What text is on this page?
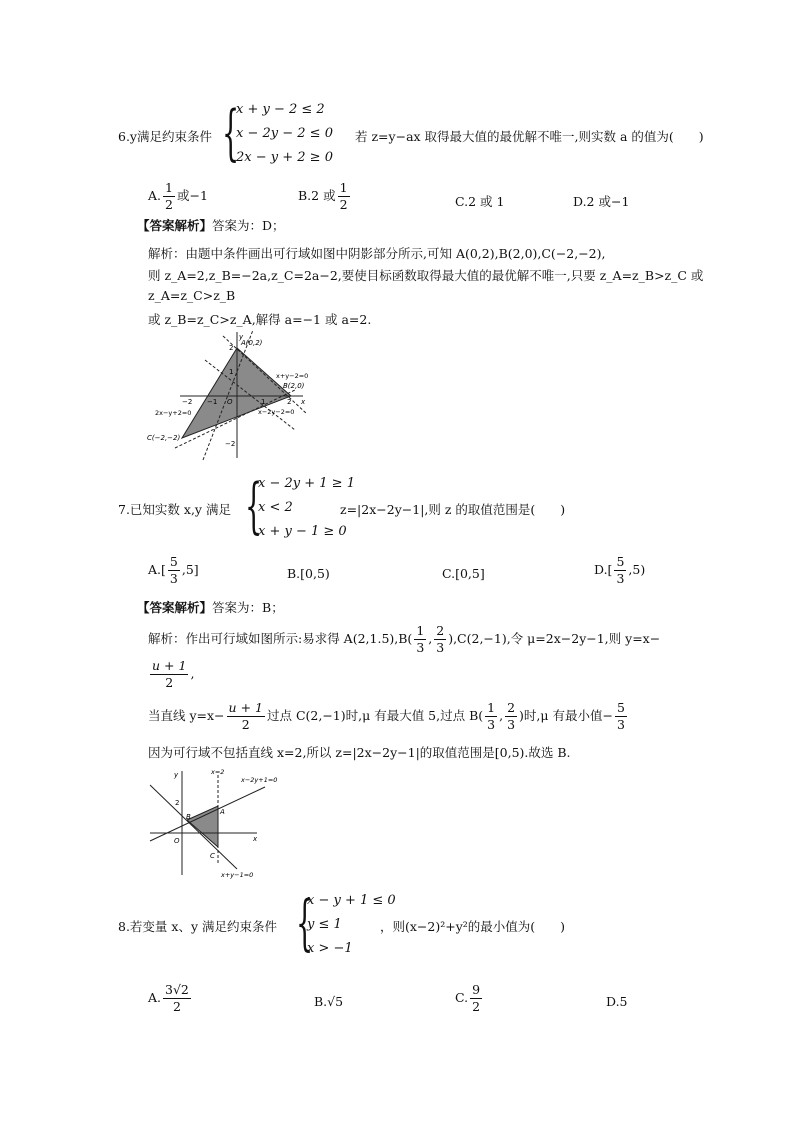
6.y满足约束条件 {
x + y − 2 ≤ 2
x − 2y − 2 ≤ 0
2x − y + 2 ≥ 0
若 z=y−ax 取得最大值的最优解不唯一,则实数 a 的值为(　　)
A. $\frac{1}{2}$ 或−1	B.2 或 $\frac{1}{2}$	C.2 或 1	D.2 或−1
【答案解析】答案为：D；
解析：由题中条件画出可行域如图中阴影部分所示,可知 A(0,2),B(2,0),C(−2,−2),
则 z_A=2,z_B=−2a,z_C=2a−2,要使目标函数取得最大值的最优解不唯一,只要 z_A=z_B>z_C 或
z_A=z_C>z_B
或 z_B=z_C>z_A,解得 a=−1 或 a=2.
A(0,2)
B(2,0)
C(−2,−2)
x+y−2=0
x−2y−2=0
2x−y+2=0
y
x
O
2
1
−2 −1	1	2
−2
7.已知实数 x,y 满足 {
x − 2y + 1 ≥ 1
x < 2
x + y − 1 ≥ 0
z=|2x−2y−1|,则 z 的取值范围是(　　)
$A.[ \frac{5}{3} ,5]$	B.[0,5)	C.[0,5]	$D.[ \frac{5}{3} ,5)$
【答案解析】答案为：B；
解析：作出可行域如图所示:易求得 $A(2,1.5),B( \frac{1}{3}$ , $\frac{2}{3} ),C(2,-1)$,令 μ=2x−2y−1,则 y=x−
$\frac{u + 1}{2}$ ,
当直线 $y=x- \frac{u + 1}{2}$ 过点 C(2,−1)时,μ 有最大值 5,过点 $B( \frac{1}{3}$ , $\frac{2}{3}$ )时,μ 有最小值− $\frac{5}{3}$
因为可行域不包括直线 x=2,所以 z=|2x−2y−1|的取值范围是[0,5).故选 B.
x=2
x−2y+1=0
x+y−1=0
A
B
C
O
y
x
2
8.若变量 x、y 满足约束条件 {
x − y + 1 ≤ 0
y ≤ 1
x > −1
，则(x−2)²+y²的最小值为(　　)
A. $\frac{3√2}{2}$	B.√5	C. $\frac{9}{2}$	D.5
